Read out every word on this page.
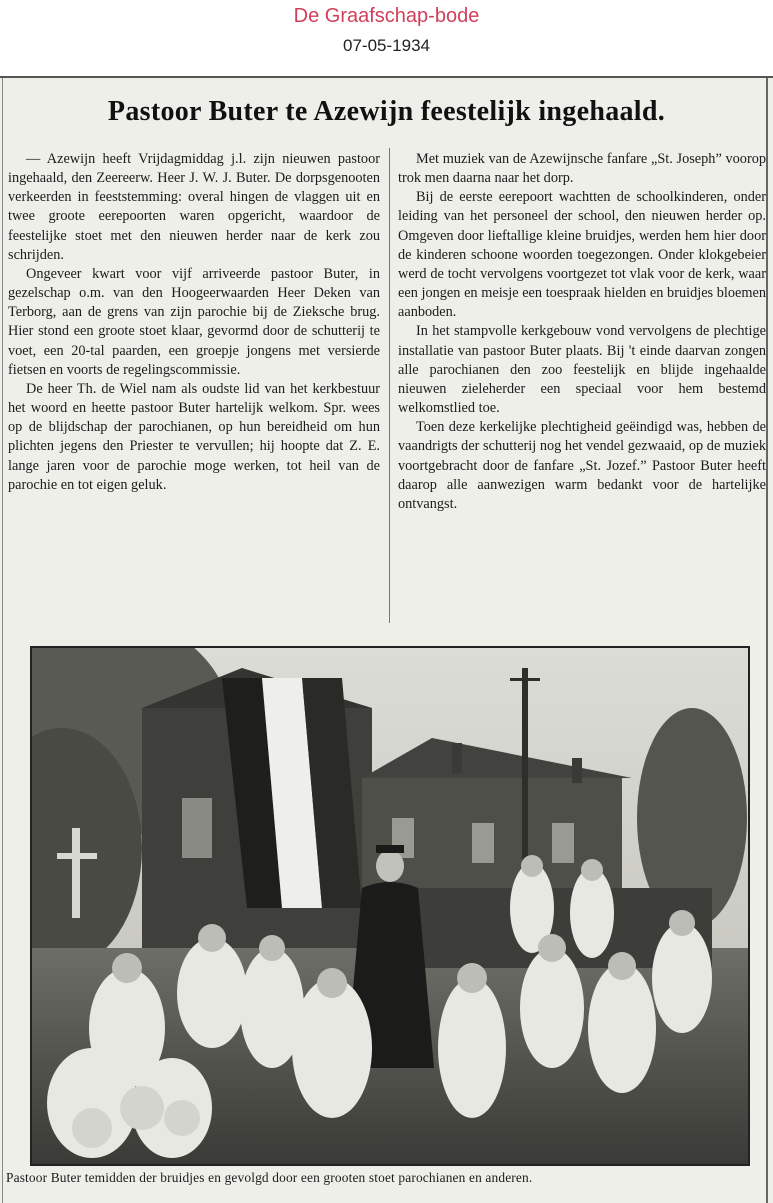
De Graafschap-bode
07-05-1934
Pastoor Buter te Azewijn feestelijk ingehaald.

— Azewijn heeft Vrijdagmiddag j.l. zijn nieuwen pastoor ingehaald, den Zeereerw. Heer J. W. J. Buter. De dorpsgenooten verkeerden in feeststemming: overal hingen de vlaggen uit en twee groote eerepoorten waren opgericht, waardoor de feestelijke stoet met den nieuwen herder naar de kerk zou schrijden.

Ongeveer kwart voor vijf arriveerde pastoor Buter, in gezelschap o.m. van den Hoogeerwaarden Heer Deken van Terborg, aan de grens van zijn parochie bij de Zieksche brug. Hier stond een groote stoet klaar, gevormd door de schutterij te voet, een 20-tal paarden, een groepje jongens met versierde fietsen en voorts de regelingscommissie.

De heer Th. de Wiel nam als oudste lid van het kerkbestuur het woord en heette pastoor Buter hartelijk welkom. Spr. wees op de blijdschap der parochianen, op hun bereidheid om hun plichten jegens den Priester te vervullen; hij hoopte dat Z. E. lange jaren voor de parochie moge werken, tot heil van de parochie en tot eigen geluk.

Met muziek van de Azewijnsche fanfare „St. Joseph” voorop trok men daarna naar het dorp.

Bij de eerste eerepoort wachtten de schoolkinderen, onder leiding van het personeel der school, den nieuwen herder op. Omgeven door lieftallige kleine bruidjes, werden hem hier door de kinderen schoone woorden toegezongen. Onder klokgebeier werd de tocht vervolgens voortgezet tot vlak voor de kerk, waar een jongen en meisje een toespraak hielden en bruidjes bloemen aanboden.

In het stampvolle kerkgebouw vond vervolgens de plechtige installatie van pastoor Buter plaats. Bij 't einde daarvan zongen alle parochianen den zoo feestelijk en blijde ingehaalde nieuwen zieleherder een speciaal voor hem bestemd welkomstlied toe.

Toen deze kerkelijke plechtigheid geëindigd was, hebben de vaandrigts der schutterij nog het vendel gezwaaid, op de muziek voortgebracht door de fanfare „St. Jozef.” Pastoor Buter heeft daarop alle aanwezigen warm bedankt voor de hartelijke ontvangst.

Pastoor Buter temidden der bruidjes en gevolgd door een grooten stoet parochianen en anderen.
